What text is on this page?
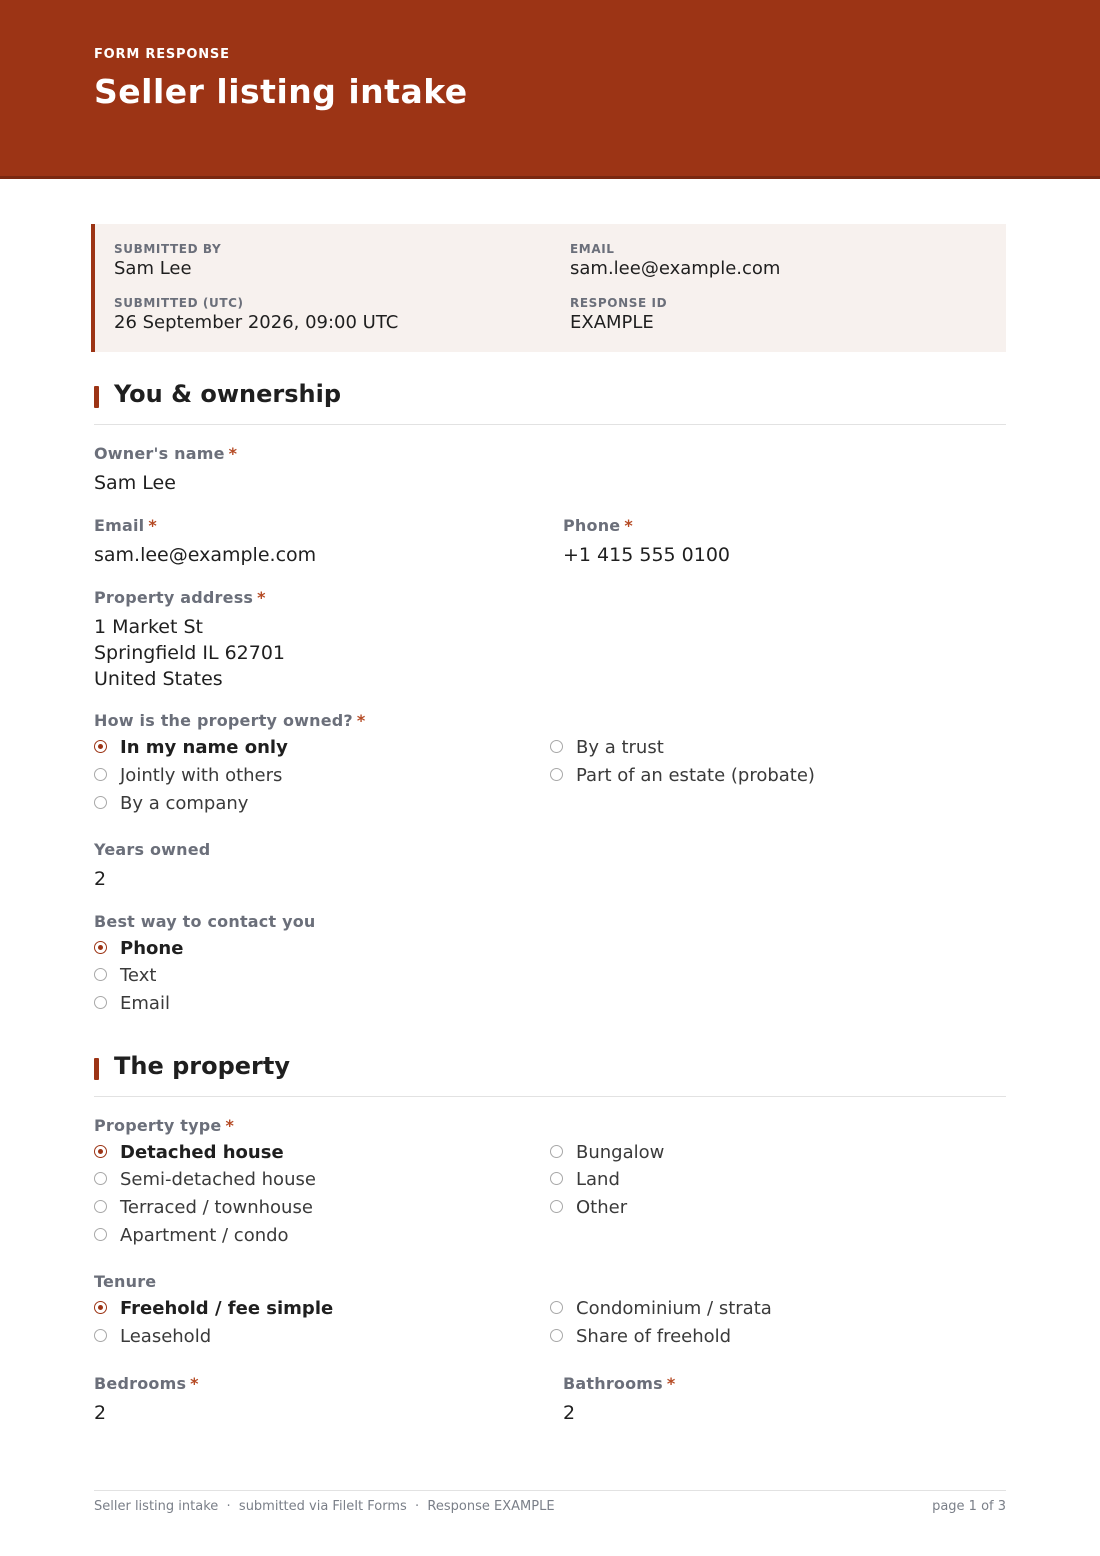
FORM RESPONSE
Seller listing intake
SUBMITTED BY
Sam Lee
EMAIL
sam.lee@example.com
SUBMITTED (UTC)
26 September 2026, 09:00 UTC
RESPONSE ID
EXAMPLE
You & ownership
Owner's name *
Sam Lee
Email *
sam.lee@example.com
Phone *
+1 415 555 0100
Property address *
1 Market St
Springfield IL 62701
United States
How is the property owned? *
In my name only
Jointly with others
By a company
By a trust
Part of an estate (probate)
Years owned
2
Best way to contact you
Phone
Text
Email
The property
Property type *
Detached house
Semi-detached house
Terraced / townhouse
Apartment / condo
Bungalow
Land
Other
Tenure
Freehold / fee simple
Leasehold
Condominium / strata
Share of freehold
Bedrooms *
2
Bathrooms *
2
Seller listing intake  ·  submitted via FileIt Forms  ·  Response EXAMPLE	page 1 of 3
